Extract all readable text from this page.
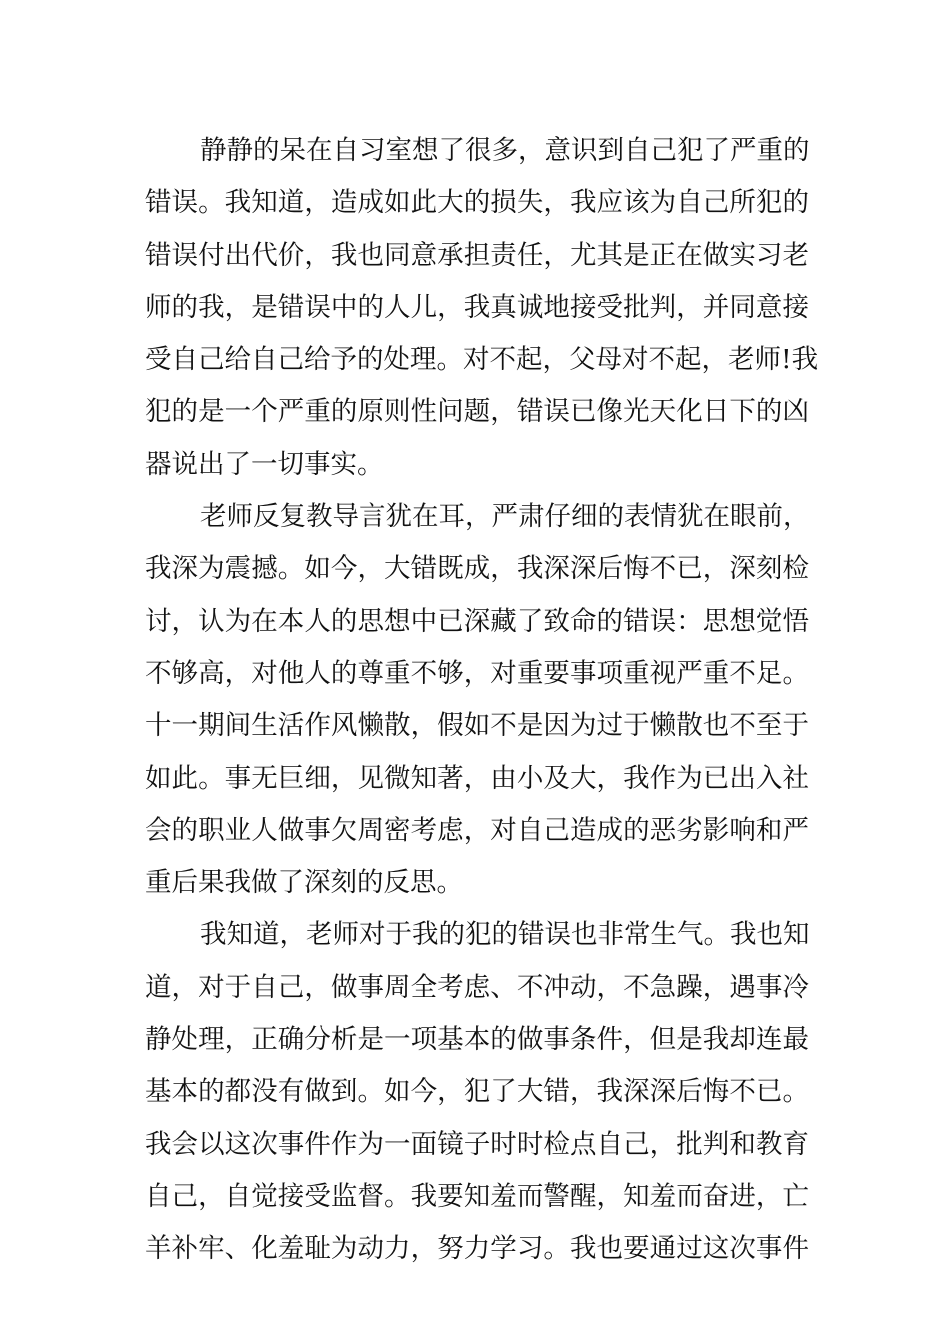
静静的呆在自习室想了很多，意识到自己犯了严重的
错误。我知道，造成如此大的损失，我应该为自己所犯的
错误付出代价，我也同意承担责任，尤其是正在做实习老
师的我，是错误中的人儿，我真诚地接受批判，并同意接
受自己给自己给予的处理。对不起，父母对不起，老师!我
犯的是一个严重的原则性问题，错误已像光天化日下的凶
器说出了一切事实。
老师反复教导言犹在耳，严肃仔细的表情犹在眼前，
我深为震撼。如今，大错既成，我深深后悔不已，深刻检
讨，认为在本人的思想中已深藏了致命的错误：思想觉悟
不够高，对他人的尊重不够，对重要事项重视严重不足。
十一期间生活作风懒散，假如不是因为过于懒散也不至于
如此。事无巨细，见微知著，由小及大，我作为已出入社
会的职业人做事欠周密考虑，对自己造成的恶劣影响和严
重后果我做了深刻的反思。
我知道，老师对于我的犯的错误也非常生气。我也知
道，对于自己，做事周全考虑、不冲动，不急躁，遇事冷
静处理，正确分析是一项基本的做事条件，但是我却连最
基本的都没有做到。如今，犯了大错，我深深后悔不已。
我会以这次事件作为一面镜子时时检点自己，批判和教育
自己，自觉接受监督。我要知羞而警醒，知羞而奋进，亡
羊补牢、化羞耻为动力，努力学习。我也要通过这次事件
